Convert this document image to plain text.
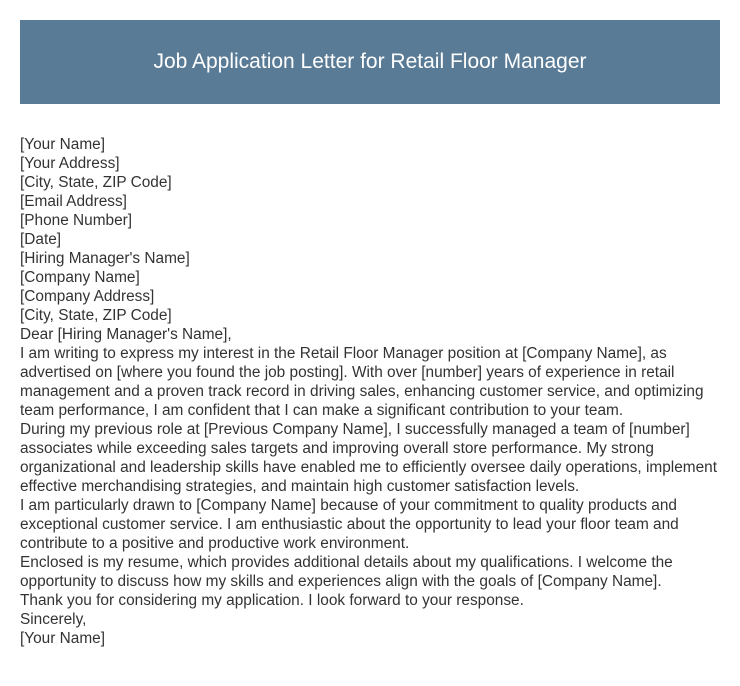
Job Application Letter for Retail Floor Manager

[Your Name]

[Your Address]

[City, State, ZIP Code]

[Email Address]

[Phone Number]

[Date]

[Hiring Manager's Name]

[Company Name]

[Company Address]

[City, State, ZIP Code]

Dear [Hiring Manager's Name],

I am writing to express my interest in the Retail Floor Manager position at [Company Name], as advertised on [where you found the job posting]. With over [number] years of experience in retail management and a proven track record in driving sales, enhancing customer service, and optimizing team performance, I am confident that I can make a significant contribution to your team.

During my previous role at [Previous Company Name], I successfully managed a team of [number] associates while exceeding sales targets and improving overall store performance. My strong organizational and leadership skills have enabled me to efficiently oversee daily operations, implement effective merchandising strategies, and maintain high customer satisfaction levels.

I am particularly drawn to [Company Name] because of your commitment to quality products and exceptional customer service. I am enthusiastic about the opportunity to lead your floor team and contribute to a positive and productive work environment.

Enclosed is my resume, which provides additional details about my qualifications. I welcome the opportunity to discuss how my skills and experiences align with the goals of [Company Name].

Thank you for considering my application. I look forward to your response.

Sincerely,

[Your Name]
